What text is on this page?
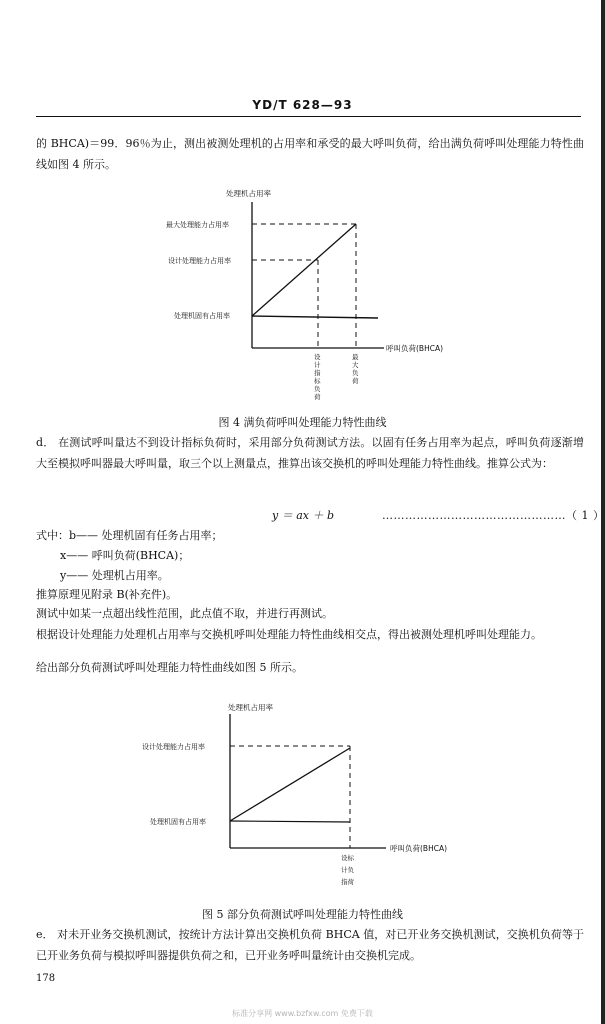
YD/T 628—93
的 BHCA)＝99．96％为止，测出被测处理机的占用率和承受的最大呼叫负荷，给出满负荷呼叫处理能力特性曲线如图 4 所示。
处理机占用率
最大处理能力占用率
设计处理能力占用率
处理机固有占用率
呼叫负荷(BHCA)
设
计
指
标
负
荷
最
大
负
荷
图 4 满负荷呼叫处理能力特性曲线
d． 在测试呼叫量达不到设计指标负荷时，采用部分负荷测试方法。以固有任务占用率为起点，呼叫负荷逐渐增大至模拟呼叫器最大呼叫量，取三个以上测量点，推算出该交换机的呼叫处理能力特性曲线。推算公式为：
y ＝ ax ＋ b	…………………………………………（ 1 ）
式中：b—— 处理机固有任务占用率；
x—— 呼叫负荷(BHCA)；
y—— 处理机占用率。
推算原理见附录 B(补充件)。
测试中如某一点超出线性范围，此点值不取，并进行再测试。
根据设计处理能力处理机占用率与交换机呼叫处理能力特性曲线相交点，得出被测处理机呼叫处理能力。
给出部分负荷测试呼叫处理能力特性曲线如图 5 所示。
处理机占用率
设计处理能力占用率
处理机固有占用率
呼叫负荷(BHCA)
设标
计负
指荷
图 5 部分负荷测试呼叫处理能力特性曲线
e． 对未开业务交换机测试，按统计方法计算出交换机负荷 BHCA 值，对已开业务交换机测试，交换机负荷等于已开业务负荷与模拟呼叫器提供负荷之和，已开业务呼叫量统计由交换机完成。
178
标准分享网 www.bzfxw.com 免费下载
